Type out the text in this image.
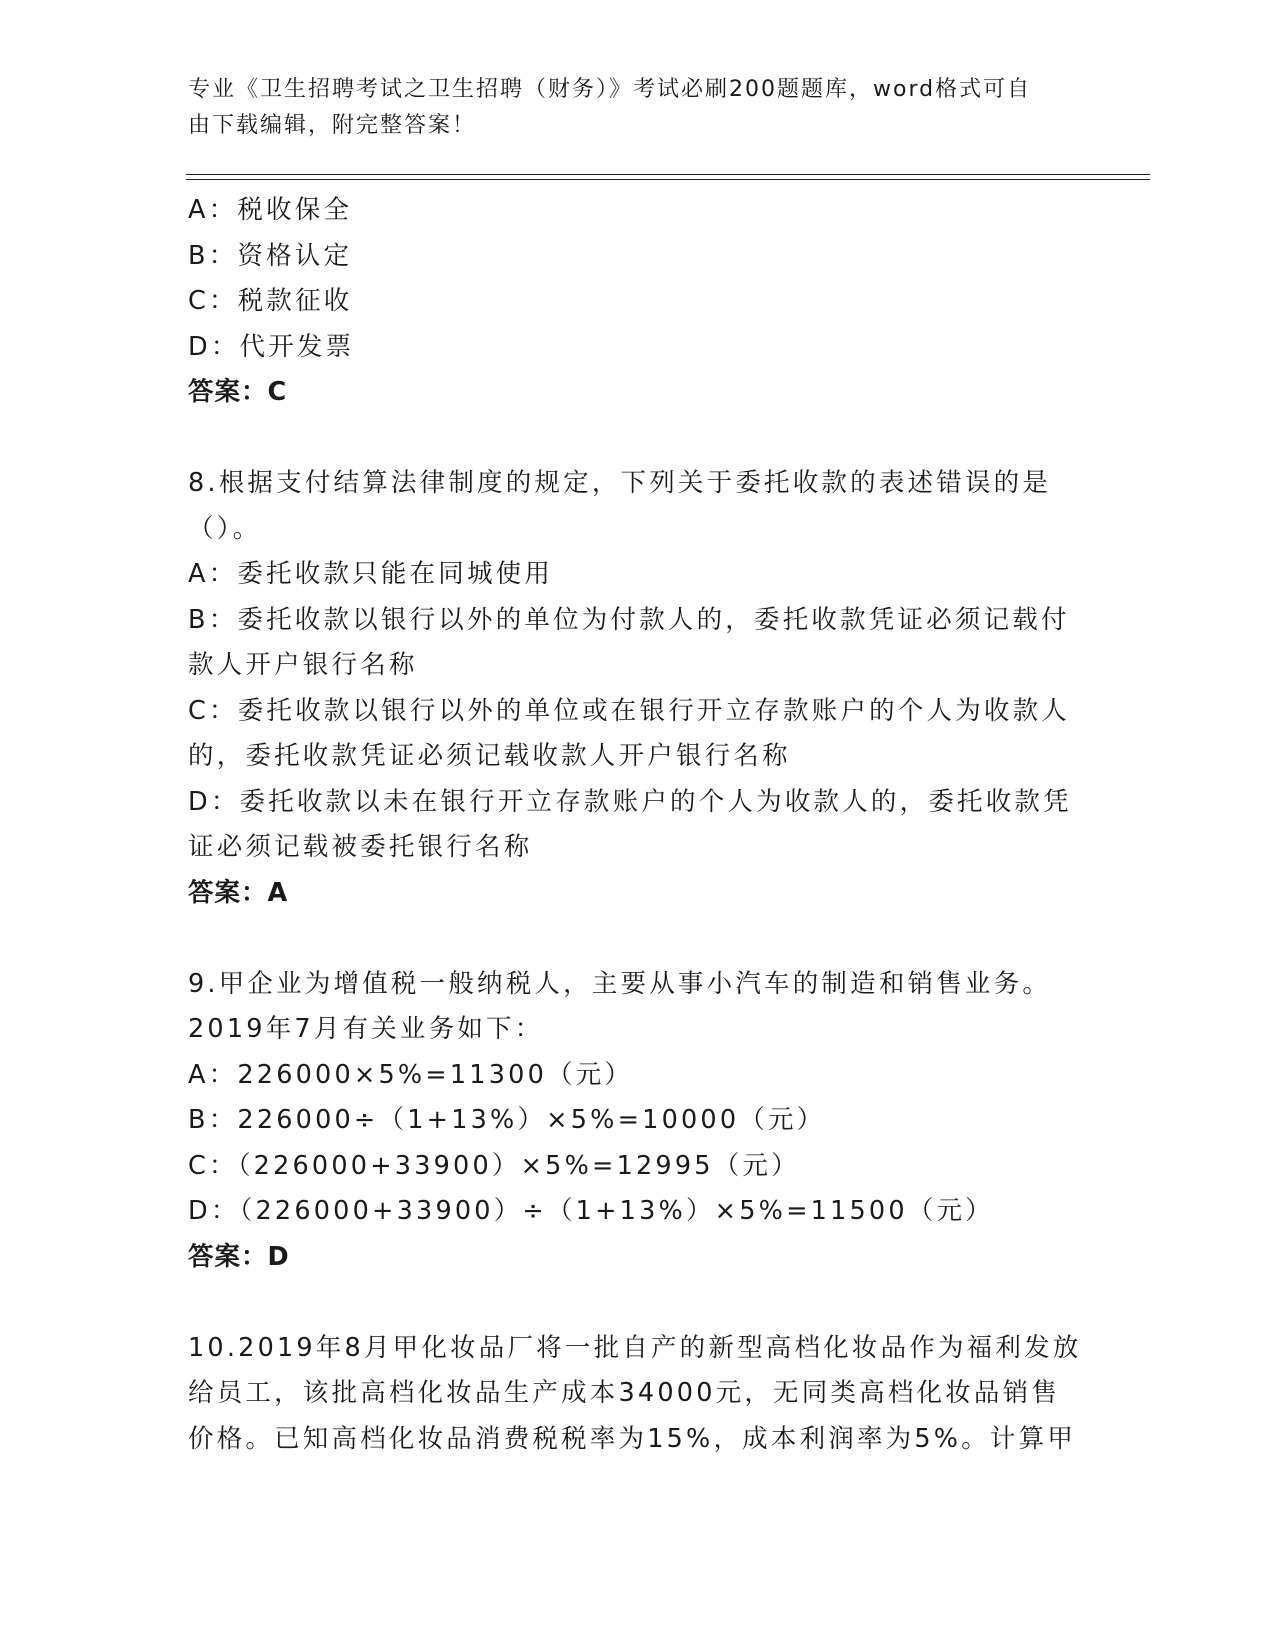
专业《卫生招聘考试之卫生招聘（财务）》考试必刷200题题库，word格式可自
由下载编辑，附完整答案！
A：税收保全
B：资格认定
C：税款征收
D：代开发票
答案：C
8.根据支付结算法律制度的规定，下列关于委托收款的表述错误的是
（）。
A：委托收款只能在同城使用
B：委托收款以银行以外的单位为付款人的，委托收款凭证必须记载付
款人开户银行名称
C：委托收款以银行以外的单位或在银行开立存款账户的个人为收款人
的，委托收款凭证必须记载收款人开户银行名称
D：委托收款以未在银行开立存款账户的个人为收款人的，委托收款凭
证必须记载被委托银行名称
答案：A
9.甲企业为增值税一般纳税人，主要从事小汽车的制造和销售业务。
2019年7月有关业务如下：
A：226000×5%=11300（元）
B：226000÷（1+13%）×5%=10000（元）
C：（226000+33900）×5%=12995（元）
D：（226000+33900）÷（1+13%）×5%=11500（元）
答案：D
10.2019年8月甲化妆品厂将一批自产的新型高档化妆品作为福利发放
给员工，该批高档化妆品生产成本34000元，无同类高档化妆品销售
价格。已知高档化妆品消费税税率为15%，成本利润率为5%。计算甲
